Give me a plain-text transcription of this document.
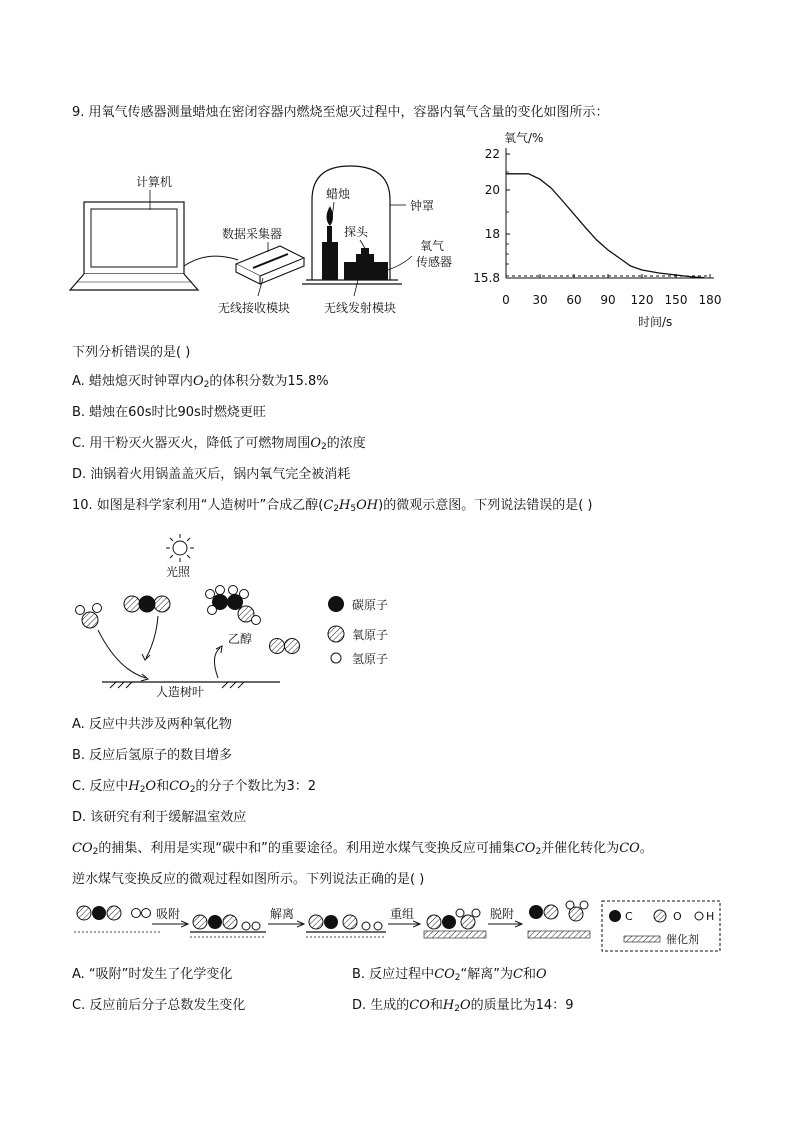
9. 用氧气传感器测量蜡烛在密闭容器内燃烧至熄灭过程中，容器内氧气含量的变化如图所示：
计算机
数据采集器
无线接收模块
钟罩
蜡烛
探头
氧气
传感器
无线发射模块
氧气/%
时间/s
0 30 60 90 120 150 180
15.8
18
20
22
下列分析错误的是( )
A. 蜡烛熄灭时钟罩内$O_2$的体积分数为15.8%
B. 蜡烛在60s时比90s时燃烧更旺
C. 用干粉灭火器灭火，降低了可燃物周围$O_2$的浓度
D. 油锅着火用锅盖盖灭后，锅内氧气完全被消耗
10. 如图是科学家利用“人造树叶”合成乙醇$(C_2H_5OH)$的微观示意图。下列说法错误的是( )
光照
乙醇
人造树叶
碳原子
氧原子
氢原子
A. 反应中共涉及两种氧化物
B. 反应后氢原子的数目增多
C. 反应中$H_2O$和$CO_2$的分子个数比为3：2
D. 该研究有利于缓解温室效应
$CO_2$的捕集、利用是实现“碳中和”的重要途径。利用逆水煤气变换反应可捕集$CO_2$并催化转化为CO。
逆水煤气变换反应的微观过程如图所示。下列说法正确的是( )
吸附	解离	重组	脱附	C	O H
催化剂
A. “吸附”时发生了化学变化	B. 反应过程中$CO_2“$解离”为C和O
C. 反应前后分子总数发生变化	D. 生成的CO和$H_2O$的质量比为14：9
